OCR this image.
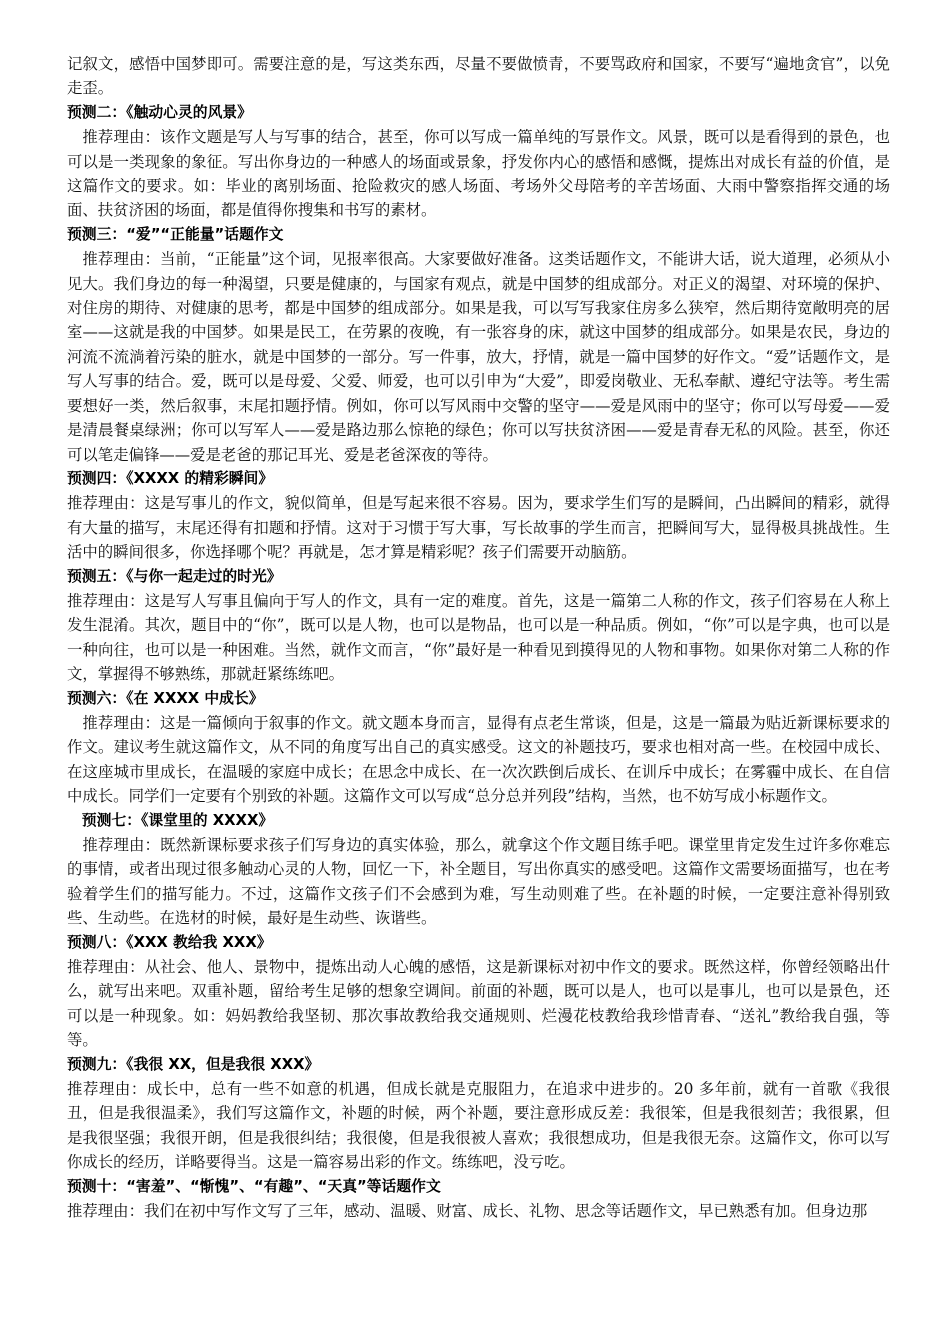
记叙文，感悟中国梦即可。需要注意的是，写这类东西，尽量不要做愤青，不要骂政府和国家，不要写“遍地贪官”，以免走歪。

预测二：《触动心灵的风景》

推荐理由：该作文题是写人与写事的结合，甚至，你可以写成一篇单纯的写景作文。风景，既可以是看得到的景色，也可以是一类现象的象征。写出你身边的一种感人的场面或景象，抒发你内心的感悟和感慨，提炼出对成长有益的价值，是这篇作文的要求。如：毕业的离别场面、抢险救灾的感人场面、考场外父母陪考的辛苦场面、大雨中警察指挥交通的场面、扶贫济困的场面，都是值得你搜集和书写的素材。

预测三：“爱”“正能量”话题作文

推荐理由：当前，“正能量”这个词，见报率很高。大家要做好准备。这类话题作文，不能讲大话，说大道理，必须从小见大。我们身边的每一种渴望，只要是健康的，与国家有观点，就是中国梦的组成部分。对正义的渴望、对环境的保护、对住房的期待、对健康的思考，都是中国梦的组成部分。如果是我，可以写写我家住房多么狭窄，然后期待宽敞明亮的居室——这就是我的中国梦。如果是民工，在劳累的夜晚，有一张容身的床，就这中国梦的组成部分。如果是农民，身边的河流不流淌着污染的脏水，就是中国梦的一部分。写一件事，放大，抒情，就是一篇中国梦的好作文。“爱”话题作文，是写人写事的结合。爱，既可以是母爱、父爱、师爱，也可以引申为“大爱”，即爱岗敬业、无私奉献、遵纪守法等。考生需要想好一类，然后叙事，末尾扣题抒情。例如，你可以写风雨中交警的坚守——爱是风雨中的坚守；你可以写母爱——爱是清晨餐桌绿洲；你可以写军人——爱是路边那么惊艳的绿色；你可以写扶贫济困——爱是青春无私的风险。甚至，你还可以笔走偏锋——爱是老爸的那记耳光、爱是老爸深夜的等待。

预测四：《XXXX 的精彩瞬间》

推荐理由：这是写事儿的作文，貌似简单，但是写起来很不容易。因为，要求学生们写的是瞬间，凸出瞬间的精彩，就得有大量的描写，末尾还得有扣题和抒情。这对于习惯于写大事，写长故事的学生而言，把瞬间写大，显得极具挑战性。生活中的瞬间很多，你选择哪个呢？再就是，怎才算是精彩呢？孩子们需要开动脑筋。

预测五：《与你一起走过的时光》

推荐理由：这是写人写事且偏向于写人的作文，具有一定的难度。首先，这是一篇第二人称的作文，孩子们容易在人称上发生混淆。其次，题目中的“你”，既可以是人物，也可以是物品，也可以是一种品质。例如，“你”可以是字典，也可以是一种向往，也可以是一种困难。当然，就作文而言，“你”最好是一种看见到摸得见的人物和事物。如果你对第二人称的作文，掌握得不够熟练，那就赶紧练练吧。

预测六：《在 XXXX 中成长》

推荐理由：这是一篇倾向于叙事的作文。就文题本身而言，显得有点老生常谈，但是，这是一篇最为贴近新课标要求的作文。建议考生就这篇作文，从不同的角度写出自己的真实感受。这文的补题技巧，要求也相对高一些。在校园中成长、在这座城市里成长，在温暖的家庭中成长；在思念中成长、在一次次跌倒后成长、在训斥中成长；在雾霾中成长、在自信中成长。同学们一定要有个别致的补题。这篇作文可以写成“总分总并列段”结构，当然，也不妨写成小标题作文。

预测七：《课堂里的 XXXX》

推荐理由：既然新课标要求孩子们写身边的真实体验，那么，就拿这个作文题目练手吧。课堂里肯定发生过许多你难忘的事情，或者出现过很多触动心灵的人物，回忆一下，补全题目，写出你真实的感受吧。这篇作文需要场面描写，也在考验着学生们的描写能力。不过，这篇作文孩子们不会感到为难，写生动则难了些。在补题的时候，一定要注意补得别致些、生动些。在选材的时候，最好是生动些、诙谐些。

预测八：《XXX 教给我 XXX》

推荐理由：从社会、他人、景物中，提炼出动人心魄的感悟，这是新课标对初中作文的要求。既然这样，你曾经领略出什么，就写出来吧。双重补题，留给考生足够的想象空调间。前面的补题，既可以是人，也可以是事儿，也可以是景色，还可以是一种现象。如：妈妈教给我坚韧、那次事故教给我交通规则、烂漫花枝教给我珍惜青春、“送礼”教给我自强，等等。

预测九：《我很 XX，但是我很 XXX》

推荐理由：成长中，总有一些不如意的机遇，但成长就是克服阻力，在追求中进步的。20 多年前，就有一首歌《我很丑，但是我很温柔》，我们写这篇作文，补题的时候，两个补题，要注意形成反差：我很笨，但是我很刻苦；我很累，但是我很坚强；我很开朗，但是我很纠结；我很傻，但是我很被人喜欢；我很想成功，但是我很无奈。这篇作文，你可以写你成长的经历，详略要得当。这是一篇容易出彩的作文。练练吧，没亏吃。

预测十：“害羞”、“惭愧”、“有趣”、“天真”等话题作文

推荐理由：我们在初中写作文写了三年，感动、温暖、财富、成长、礼物、思念等话题作文，早已熟悉有加。但身边那
